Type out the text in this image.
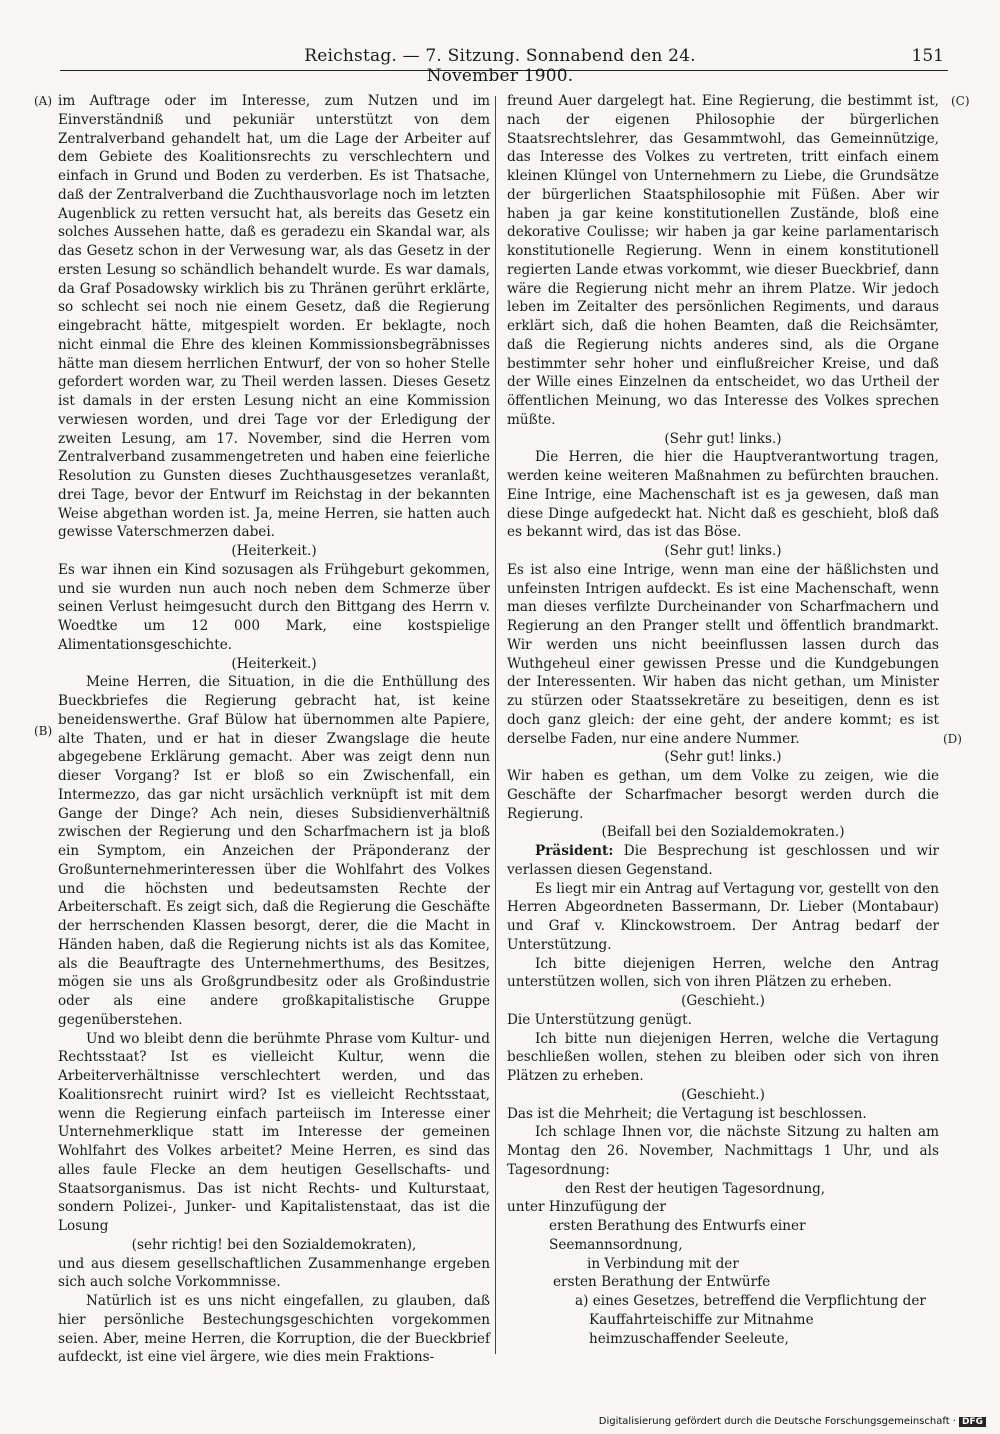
Reichstag. — 7. Sitzung. Sonnabend den 24. November 1900.
151
(A)
(B)
(C)
(D)

im Auftrage oder im Interesse, zum Nutzen und im Einverständniß und pekuniär unterstützt von dem Zentralverband gehandelt hat, um die Lage der Arbeiter auf dem Gebiete des Koalitionsrechts zu verschlechtern und einfach in Grund und Boden zu verderben. Es ist Thatsache, daß der Zentralverband die Zuchthausvorlage noch im letzten Augenblick zu retten versucht hat, als bereits das Gesetz ein solches Aussehen hatte, daß es geradezu ein Skandal war, als das Gesetz schon in der Verwesung war, als das Gesetz in der ersten Lesung so schändlich behandelt wurde. Es war damals, da Graf Posadowsky wirklich bis zu Thränen gerührt erklärte, so schlecht sei noch nie einem Gesetz, daß die Regierung eingebracht hätte, mitgespielt worden. Er beklagte, noch nicht einmal die Ehre des kleinen Kommissionsbegräbnisses hätte man diesem herrlichen Entwurf, der von so hoher Stelle gefordert worden war, zu Theil werden lassen. Dieses Gesetz ist damals in der ersten Lesung nicht an eine Kommission verwiesen worden, und drei Tage vor der Erledigung der zweiten Lesung, am 17. November, sind die Herren vom Zentralverband zusammengetreten und haben eine feierliche Resolution zu Gunsten dieses Zuchthausgesetzes veranlaßt, drei Tage, bevor der Entwurf im Reichstag in der bekannten Weise abgethan worden ist. Ja, meine Herren, sie hatten auch gewisse Vaterschmerzen dabei.

(Heiterkeit.)

Es war ihnen ein Kind sozusagen als Frühgeburt gekommen, und sie wurden nun auch noch neben dem Schmerze über seinen Verlust heimgesucht durch den Bittgang des Herrn v. Woedtke um 12 000 Mark, eine kostspielige Alimentationsgeschichte.

(Heiterkeit.)

Meine Herren, die Situation, in die die Enthüllung des Bueckbriefes die Regierung gebracht hat, ist keine beneidenswerthe. Graf Bülow hat übernommen alte Papiere, alte Thaten, und er hat in dieser Zwangslage die heute abgegebene Erklärung gemacht. Aber was zeigt denn nun dieser Vorgang? Ist er bloß so ein Zwischenfall, ein Intermezzo, das gar nicht ursächlich verknüpft ist mit dem Gange der Dinge? Ach nein, dieses Subsidienverhältniß zwischen der Regierung und den Scharfmachern ist ja bloß ein Symptom, ein Anzeichen der Präponderanz der Großunternehmerinteressen über die Wohlfahrt des Volkes und die höchsten und bedeutsamsten Rechte der Arbeiterschaft. Es zeigt sich, daß die Regierung die Geschäfte der herrschenden Klassen besorgt, derer, die die Macht in Händen haben, daß die Regierung nichts ist als das Komitee, als die Beauftragte des Unternehmerthums, des Besitzes, mögen sie uns als Großgrundbesitz oder als Großindustrie oder als eine andere großkapitalistische Gruppe gegenüberstehen.

Und wo bleibt denn die berühmte Phrase vom Kultur- und Rechtsstaat? Ist es vielleicht Kultur, wenn die Arbeiterverhältnisse verschlechtert werden, und das Koalitionsrecht ruinirt wird? Ist es vielleicht Rechtsstaat, wenn die Regierung einfach parteiisch im Interesse einer Unternehmerklique statt im Interesse der gemeinen Wohlfahrt des Volkes arbeitet? Meine Herren, es sind das alles faule Flecke an dem heutigen Gesellschafts- und Staatsorganismus. Das ist nicht Rechts- und Kulturstaat, sondern Polizei-, Junker- und Kapitalistenstaat, das ist die Losung

(sehr richtig! bei den Sozialdemokraten),

und aus diesem gesellschaftlichen Zusammenhange ergeben sich auch solche Vorkommnisse.

Natürlich ist es uns nicht eingefallen, zu glauben, daß hier persönliche Bestechungsgeschichten vorgekommen seien. Aber, meine Herren, die Korruption, die der Bueckbrief aufdeckt, ist eine viel ärgere, wie dies mein Fraktions-

freund Auer dargelegt hat. Eine Regierung, die bestimmt ist, nach der eigenen Philosophie der bürgerlichen Staatsrechtslehrer, das Gesammtwohl, das Gemeinnützige, das Interesse des Volkes zu vertreten, tritt einfach einem kleinen Klüngel von Unternehmern zu Liebe, die Grundsätze der bürgerlichen Staatsphilosophie mit Füßen. Aber wir haben ja gar keine konstitutionellen Zustände, bloß eine dekorative Coulisse; wir haben ja gar keine parlamentarisch konstitutionelle Regierung. Wenn in einem konstitutionell regierten Lande etwas vorkommt, wie dieser Bueckbrief, dann wäre die Regierung nicht mehr an ihrem Platze. Wir jedoch leben im Zeitalter des persönlichen Regiments, und daraus erklärt sich, daß die hohen Beamten, daß die Reichsämter, daß die Regierung nichts anderes sind, als die Organe bestimmter sehr hoher und einflußreicher Kreise, und daß der Wille eines Einzelnen da entscheidet, wo das Urtheil der öffentlichen Meinung, wo das Interesse des Volkes sprechen müßte.

(Sehr gut! links.)

Die Herren, die hier die Hauptverantwortung tragen, werden keine weiteren Maßnahmen zu befürchten brauchen. Eine Intrige, eine Machenschaft ist es ja gewesen, daß man diese Dinge aufgedeckt hat. Nicht daß es geschieht, bloß daß es bekannt wird, das ist das Böse.

(Sehr gut! links.)

Es ist also eine Intrige, wenn man eine der häßlichsten und unfeinsten Intrigen aufdeckt. Es ist eine Machenschaft, wenn man dieses verfilzte Durcheinander von Scharfmachern und Regierung an den Pranger stellt und öffentlich brandmarkt. Wir werden uns nicht beeinflussen lassen durch das Wuthgeheul einer gewissen Presse und die Kundgebungen der Interessenten. Wir haben das nicht gethan, um Minister zu stürzen oder Staatssekretäre zu beseitigen, denn es ist doch ganz gleich: der eine geht, der andere kommt; es ist derselbe Faden, nur eine andere Nummer.

(Sehr gut! links.)

Wir haben es gethan, um dem Volke zu zeigen, wie die Geschäfte der Scharfmacher besorgt werden durch die Regierung.

(Beifall bei den Sozialdemokraten.)

Präsident: Die Besprechung ist geschlossen und wir verlassen diesen Gegenstand.

Es liegt mir ein Antrag auf Vertagung vor, gestellt von den Herren Abgeordneten Bassermann, Dr. Lieber (Montabaur) und Graf v. Klinckowstroem. Der Antrag bedarf der Unterstützung.

Ich bitte diejenigen Herren, welche den Antrag unterstützen wollen, sich von ihren Plätzen zu erheben.

(Geschieht.)

Die Unterstützung genügt.

Ich bitte nun diejenigen Herren, welche die Vertagung beschließen wollen, stehen zu bleiben oder sich von ihren Plätzen zu erheben.

(Geschieht.)

Das ist die Mehrheit; die Vertagung ist beschlossen.

Ich schlage Ihnen vor, die nächste Sitzung zu halten am Montag den 26. November, Nachmittags 1 Uhr, und als Tagesordnung:

den Rest der heutigen Tagesordnung,

unter Hinzufügung der

ersten Berathung des Entwurfs einer Seemannsordnung,

in Verbindung mit der

ersten Berathung der Entwürfe

a) eines Gesetzes, betreffend die Verpflichtung der Kauffahrteischiffe zur Mitnahme heimzuschaffender Seeleute,

Digitalisierung gefördert durch die Deutsche Forschungsgemeinschaft · DFG
